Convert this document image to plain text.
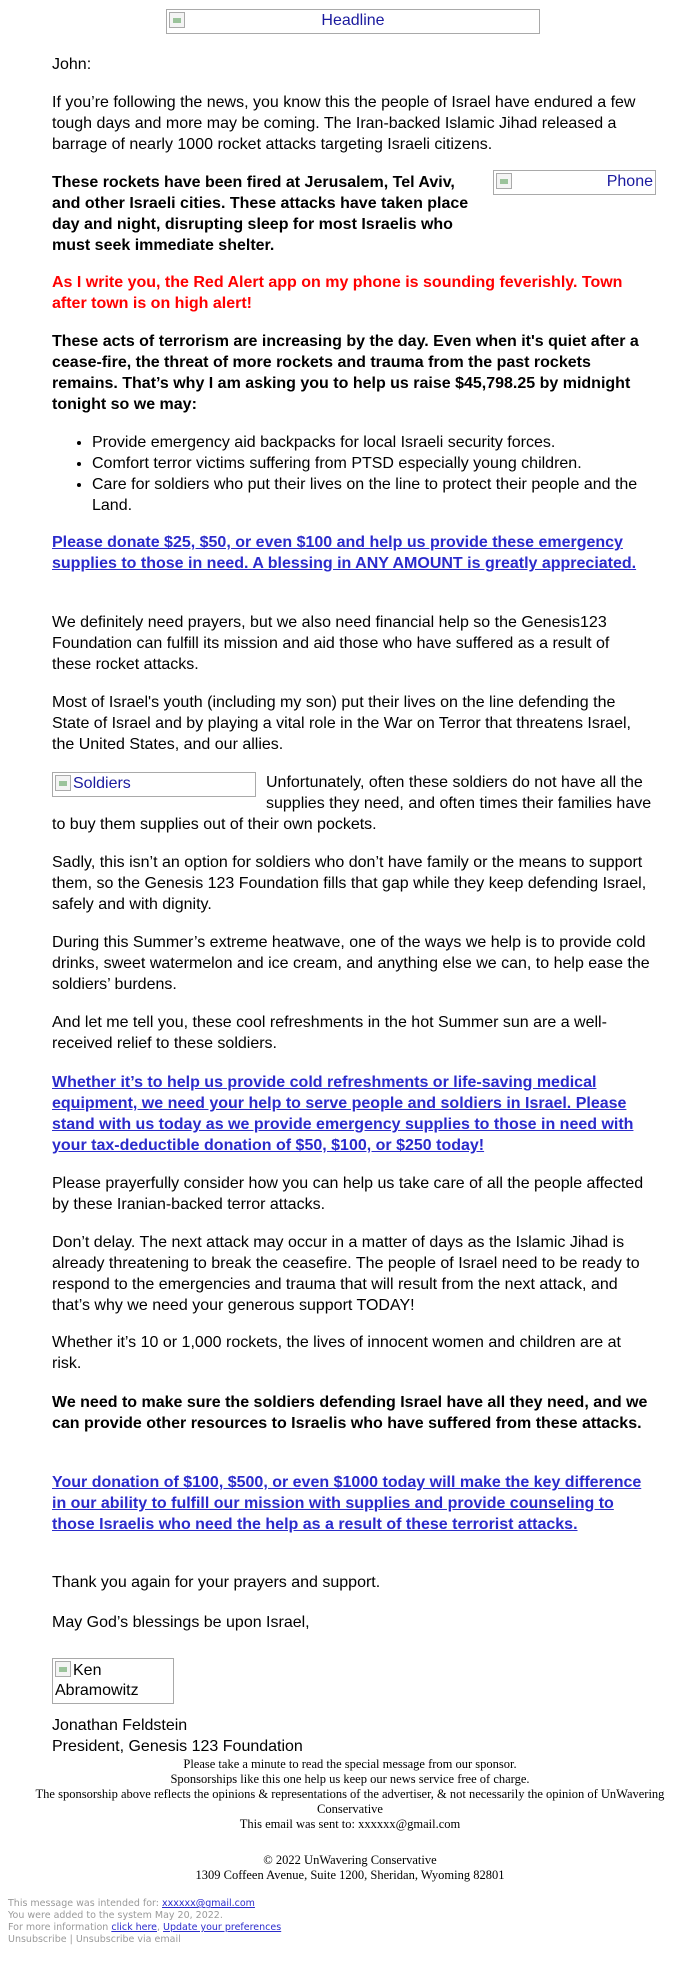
Headline
John:
If you’re following the news, you know this the people of Israel have endured a few tough days and more may be coming. The Iran-backed Islamic Jihad released a barrage of nearly 1000 rocket attacks targeting Israeli citizens.
Phone
These rockets have been fired at Jerusalem, Tel Aviv, and other Israeli cities. These attacks have taken place day and night, disrupting sleep for most Israelis who must seek immediate shelter.
As I write you, the Red Alert app on my phone is sounding feverishly. Town after town is on high alert!
These acts of terrorism are increasing by the day. Even when it's quiet after a cease-fire, the threat of more rockets and trauma from the past rockets remains. That’s why I am asking you to help us raise $45,798.25 by midnight tonight so we may:
• Provide emergency aid backpacks for local Israeli security forces.
• Comfort terror victims suffering from PTSD especially young children.
• Care for soldiers who put their lives on the line to protect their people and the Land.
Please donate $25, $50, or even $100 and help us provide these emergency supplies to those in need. A blessing in ANY AMOUNT is greatly appreciated.
We definitely need prayers, but we also need financial help so the Genesis123 Foundation can fulfill its mission and aid those who have suffered as a result of these rocket attacks.
Most of Israel's youth (including my son) put their lives on the line defending the State of Israel and by playing a vital role in the War on Terror that threatens Israel, the United States, and our allies.
Unfortunately, often these soldiers do not have all the supplies they need, and often times their families have to buy them supplies out of their own pockets.
Soldiers
Sadly, this isn’t an option for soldiers who don’t have family or the means to support them, so the Genesis 123 Foundation fills that gap while they keep defending Israel, safely and with dignity.
During this Summer’s extreme heatwave, one of the ways we help is to provide cold drinks, sweet watermelon and ice cream, and anything else we can, to help ease the soldiers’ burdens.
And let me tell you, these cool refreshments in the hot Summer sun are a well-received relief to these soldiers.
Whether it’s to help us provide cold refreshments or life-saving medical equipment, we need your help to serve people and soldiers in Israel. Please stand with us today as we provide emergency supplies to those in need with your tax-deductible donation of $50, $100, or $250 today!
Please prayerfully consider how you can help us take care of all the people affected by these Iranian-backed terror attacks.
Don’t delay. The next attack may occur in a matter of days as the Islamic Jihad is already threatening to break the ceasefire. The people of Israel need to be ready to respond to the emergencies and trauma that will result from the next attack, and that’s why we need your generous support TODAY!
Whether it’s 10 or 1,000 rockets, the lives of innocent women and children are at risk.
We need to make sure the soldiers defending Israel have all they need, and we can provide other resources to Israelis who have suffered from these attacks.
Your donation of $100, $500, or even $1000 today will make the key difference in our ability to fulfill our mission with supplies and provide counseling to those Israelis who need the help as a result of these terrorist attacks.
Thank you again for your prayers and support.
May God’s blessings be upon Israel,
Ken Abramowitz
Jonathan Feldstein
President, Genesis 123 Foundation
Please take a minute to read the special message from our sponsor.
Sponsorships like this one help us keep our news service free of charge.
The sponsorship above reflects the opinions & representations of the advertiser, & not necessarily the opinion of UnWavering Conservative
This email was sent to: xxxxxx@gmail.com
© 2022 UnWavering Conservative
1309 Coffeen Avenue, Suite 1200, Sheridan, Wyoming 82801
This message was intended for: xxxxxx@gmail.com
You were added to the system May 20, 2022.
For more information click here, Update your preferences
Unsubscribe | Unsubscribe via email
